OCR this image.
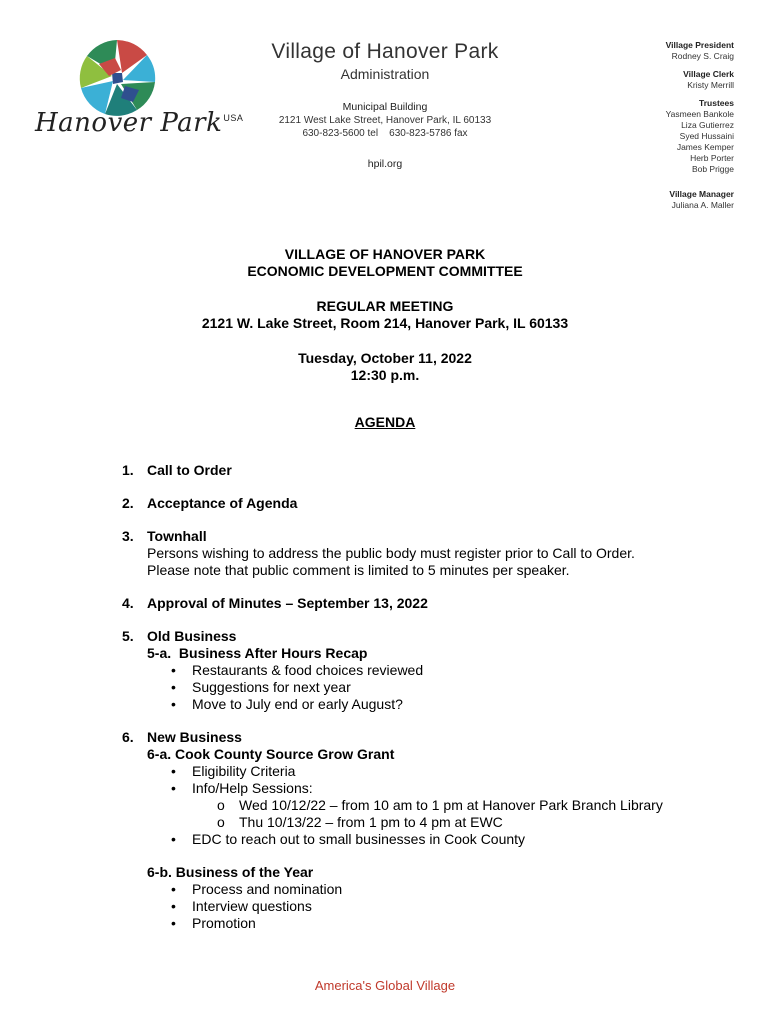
Hanover Park$^{USA}$
Village of Hanover Park
Administration
Municipal Building
2121 West Lake Street, Hanover Park, IL 60133
630-823-5600 tel    630-823-5786 fax
hpil.org
Village President
Rodney S. Craig
Village Clerk
Kristy Merrill
Trustees
Yasmeen Bankole
Liza Gutierrez
Syed Hussaini
James Kemper
Herb Porter
Bob Prigge
Village Manager
Juliana A. Maller
VILLAGE OF HANOVER PARK
ECONOMIC DEVELOPMENT COMMITTEE
REGULAR MEETING
2121 W. Lake Street, Room 214, Hanover Park, IL 60133
Tuesday, October 11, 2022
12:30 p.m.
AGENDA
1. Call to Order
2. Acceptance of Agenda
3. Townhall
Persons wishing to address the public body must register prior to Call to Order.
Please note that public comment is limited to 5 minutes per speaker.
4. Approval of Minutes – September 13, 2022
5. Old Business
5-a.  Business After Hours Recap
• Restaurants & food choices reviewed
• Suggestions for next year
• Move to July end or early August?
6. New Business
6-a. Cook County Source Grow Grant
• Eligibility Criteria
• Info/Help Sessions:
o Wed 10/12/22 – from 10 am to 1 pm at Hanover Park Branch Library
o Thu 10/13/22 – from 1 pm to 4 pm at EWC
• EDC to reach out to small businesses in Cook County
6-b. Business of the Year
• Process and nomination
• Interview questions
• Promotion
America's Global Village
